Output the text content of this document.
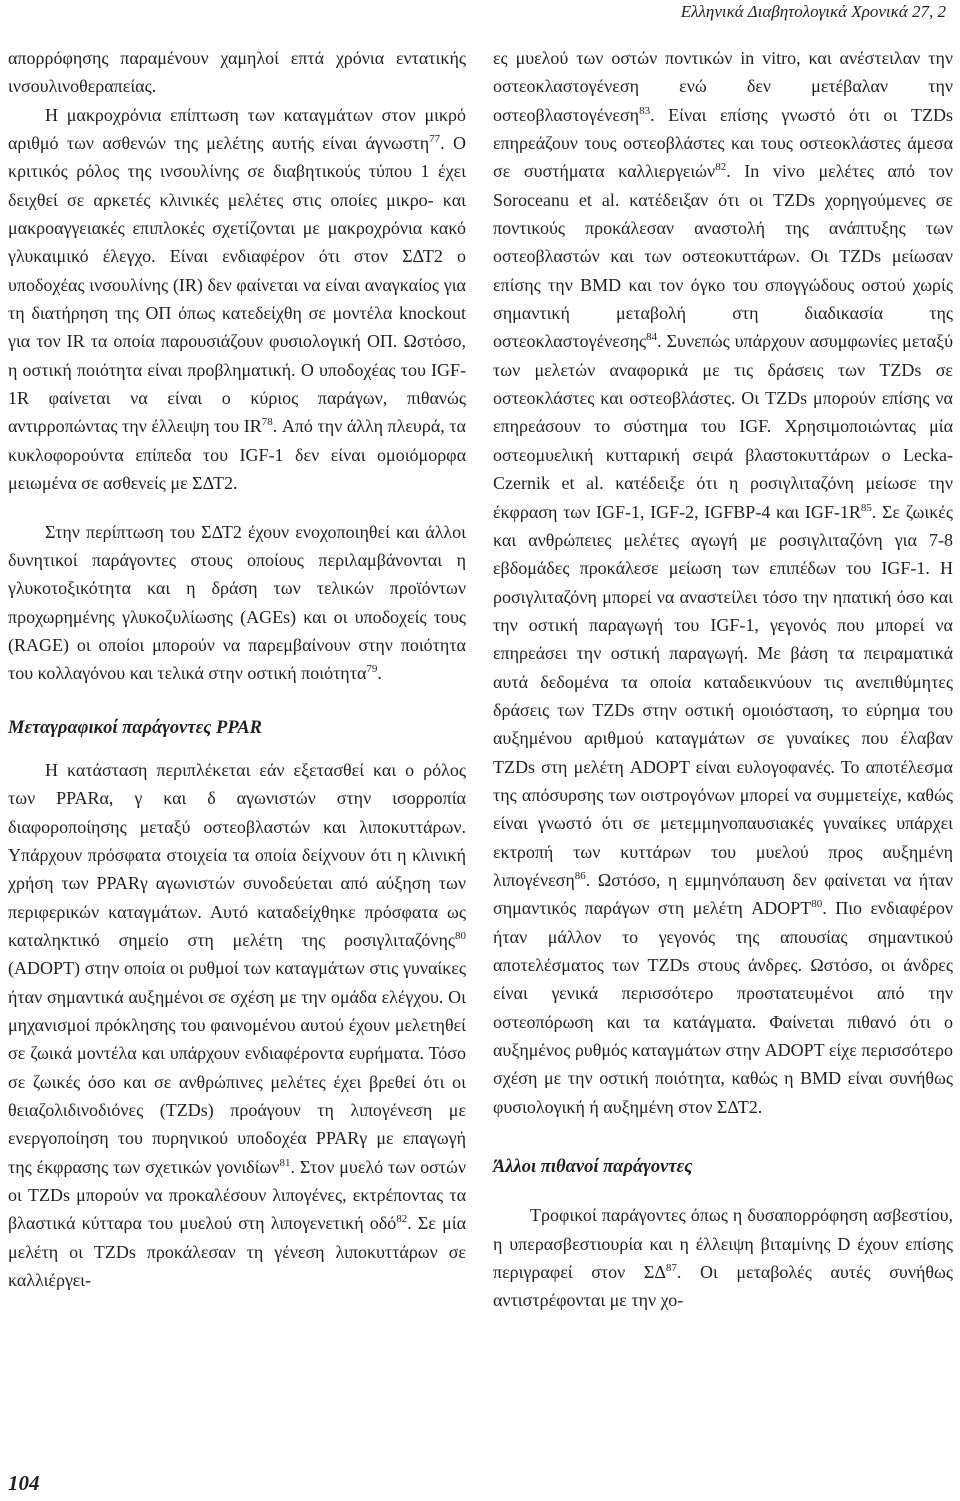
Ελληνικά Διαβητολογικά Χρονικά 27, 2

απορρόφησης παραμένουν χαμηλοί επτά χρόνια εντατικής ινσουλινοθεραπείας.

Η μακροχρόνια επίπτωση των καταγμάτων στον μικρό αριθμό των ασθενών της μελέτης αυτής είναι άγνωστη$^{77}$. Ο κριτικός ρόλος της ινσουλίνης σε διαβητικούς τύπου 1 έχει δειχθεί σε αρκετές κλινικές μελέτες στις οποίες μικρο- και μακροαγγειακές επιπλοκές σχετίζονται με μακροχρόνια κακό γλυκαιμικό έλεγχο. Είναι ενδιαφέρον ότι στον ΣΔΤ2 ο υποδοχέας ινσουλίνης (IR) δεν φαίνεται να είναι αναγκαίος για τη διατήρηση της ΟΠ όπως κατεδείχθη σε μοντέλα knockout για τον IR τα οποία παρουσιάζουν φυσιολογική ΟΠ. Ωστόσο, η οστική ποιότητα είναι προβληματική. Ο υποδοχέας του IGF-1R φαίνεται να είναι ο κύριος παράγων, πιθανώς αντιρροπώντας την έλλειψη του IR$^{78}$. Από την άλλη πλευρά, τα κυκλοφορούντα επίπεδα του IGF-1 δεν είναι ομοιόμορφα μειωμένα σε ασθενείς με ΣΔΤ2.

Στην περίπτωση του ΣΔΤ2 έχουν ενοχοποιηθεί και άλλοι δυνητικοί παράγοντες στους οποίους περιλαμβάνονται η γλυκοτοξικότητα και η δράση των τελικών προϊόντων προχωρημένης γλυκοζυλίωσης (AGEs) και οι υποδοχείς τους (RAGE) οι οποίοι μπορούν να παρεμβαίνουν στην ποιότητα του κολλαγόνου και τελικά στην οστική ποιότητα$^{79}$.

Μεταγραφικοί παράγοντες PPAR

Η κατάσταση περιπλέκεται εάν εξετασθεί και ο ρόλος των PPARα, γ και δ αγωνιστών στην ισορροπία διαφοροποίησης μεταξύ οστεοβλαστών και λιποκυττάρων. Υπάρχουν πρόσφατα στοιχεία τα οποία δείχνουν ότι η κλινική χρήση των PPARγ αγωνιστών συνοδεύεται από αύξηση των περιφερικών καταγμάτων. Αυτό καταδείχθηκε πρόσφατα ως καταληκτικό σημείο στη μελέτη της ροσιγλιταζόνης$^{80}$ (ADOPT) στην οποία οι ρυθμοί των καταγμάτων στις γυναίκες ήταν σημαντικά αυξημένοι σε σχέση με την ομάδα ελέγχου. Οι μηχανισμοί πρόκλησης του φαινομένου αυτού έχουν μελετηθεί σε ζωικά μοντέλα και υπάρχουν ενδιαφέροντα ευρήματα. Τόσο σε ζωικές όσο και σε ανθρώπινες μελέτες έχει βρεθεί ότι οι θειαζολιδινοδιόνες (TZDs) προάγουν τη λιπογένεση με ενεργοποίηση του πυρηνικού υποδοχέα PPARγ με επαγωγή της έκφρασης των σχετικών γονιδίων$^{81}$. Στον μυελό των οστών οι TZDs μπορούν να προκαλέσουν λιπογένες, εκτρέποντας τα βλαστικά κύτταρα του μυελού στη λιπογενετική οδό$^{82}$. Σε μία μελέτη οι TZDs προκάλεσαν τη γένεση λιποκυττάρων σε καλλιέργει-

ες μυελού των οστών ποντικών in vitro, και ανέστειλαν την οστεοκλαστογένεση ενώ δεν μετέβαλαν την οστεοβλαστογένεση$^{83}$. Είναι επίσης γνωστό ότι οι TZDs επηρεάζουν τους οστεοβλάστες και τους οστεοκλάστες άμεσα σε συστήματα καλλιεργειών$^{82}$. In vivo μελέτες από τον Soroceanu et al. κατέδειξαν ότι οι TZDs χορηγούμενες σε ποντικούς προκάλεσαν αναστολή της ανάπτυξης των οστεοβλαστών και των οστεοκυττάρων. Οι TZDs μείωσαν επίσης την BMD και τον όγκο του σπογγώδους οστού χωρίς σημαντική μεταβολή στη διαδικασία της οστεοκλαστογένεσης$^{84}$. Συνεπώς υπάρχουν ασυμφωνίες μεταξύ των μελετών αναφορικά με τις δράσεις των TZDs σε οστεοκλάστες και οστεοβλάστες. Οι TZDs μπορούν επίσης να επηρεάσουν το σύστημα του IGF. Χρησιμοποιώντας μία οστεομυελική κυτταρική σειρά βλαστοκυττάρων ο Lecka-Czernik et al. κατέδειξε ότι η ροσιγλιταζόνη μείωσε την έκφραση των IGF-1, IGF-2, IGFBP-4 και IGF-$1R^{85}$. Σε ζωικές και ανθρώπειες μελέτες αγωγή με ροσιγλιταζόνη για 7-8 εβδομάδες προκάλεσε μείωση των επιπέδων του IGF-1. Η ροσιγλιταζόνη μπορεί να αναστείλει τόσο την ηπατική όσο και την οστική παραγωγή του IGF-1, γεγονός που μπορεί να επηρεάσει την οστική παραγωγή. Με βάση τα πειραματικά αυτά δεδομένα τα οποία καταδεικνύουν τις ανεπιθύμητες δράσεις των TZDs στην οστική ομοιόσταση, το εύρημα του αυξημένου αριθμού καταγμάτων σε γυναίκες που έλαβαν TZDs στη μελέτη ADOPT είναι ευλογοφανές. Το αποτέλεσμα της απόσυρσης των οιστρογόνων μπορεί να συμμετείχε, καθώς είναι γνωστό ότι σε μετεμμηνοπαυσιακές γυναίκες υπάρχει εκτροπή των κυττάρων του μυελού προς αυξημένη λιπογένεση$^{86}$. Ωστόσο, η εμμηνόπαυση δεν φαίνεται να ήταν σημαντικός παράγων στη μελέτη ADOPT$^{80}$. Πιο ενδιαφέρον ήταν μάλλον το γεγονός της απουσίας σημαντικού αποτελέσματος των TZDs στους άνδρες. Ωστόσο, οι άνδρες είναι γενικά περισσότερο προστατευμένοι από την οστεοπόρωση και τα κατάγματα. Φαίνεται πιθανό ότι ο αυξημένος ρυθμός καταγμάτων στην ADOPT είχε περισσότερο σχέση με την οστική ποιότητα, καθώς η BMD είναι συνήθως φυσιολογική ή αυξημένη στον ΣΔΤ2.

Άλλοι πιθανοί παράγοντες

Τροφικοί παράγοντες όπως η δυσαπορρόφηση ασβεστίου, η υπερασβεστιουρία και η έλλειψη βιταμίνης D έχουν επίσης περιγραφεί στον ΣΔ$^{87}$. Οι μεταβολές αυτές συνήθως αντιστρέφονται με την χο-

104
